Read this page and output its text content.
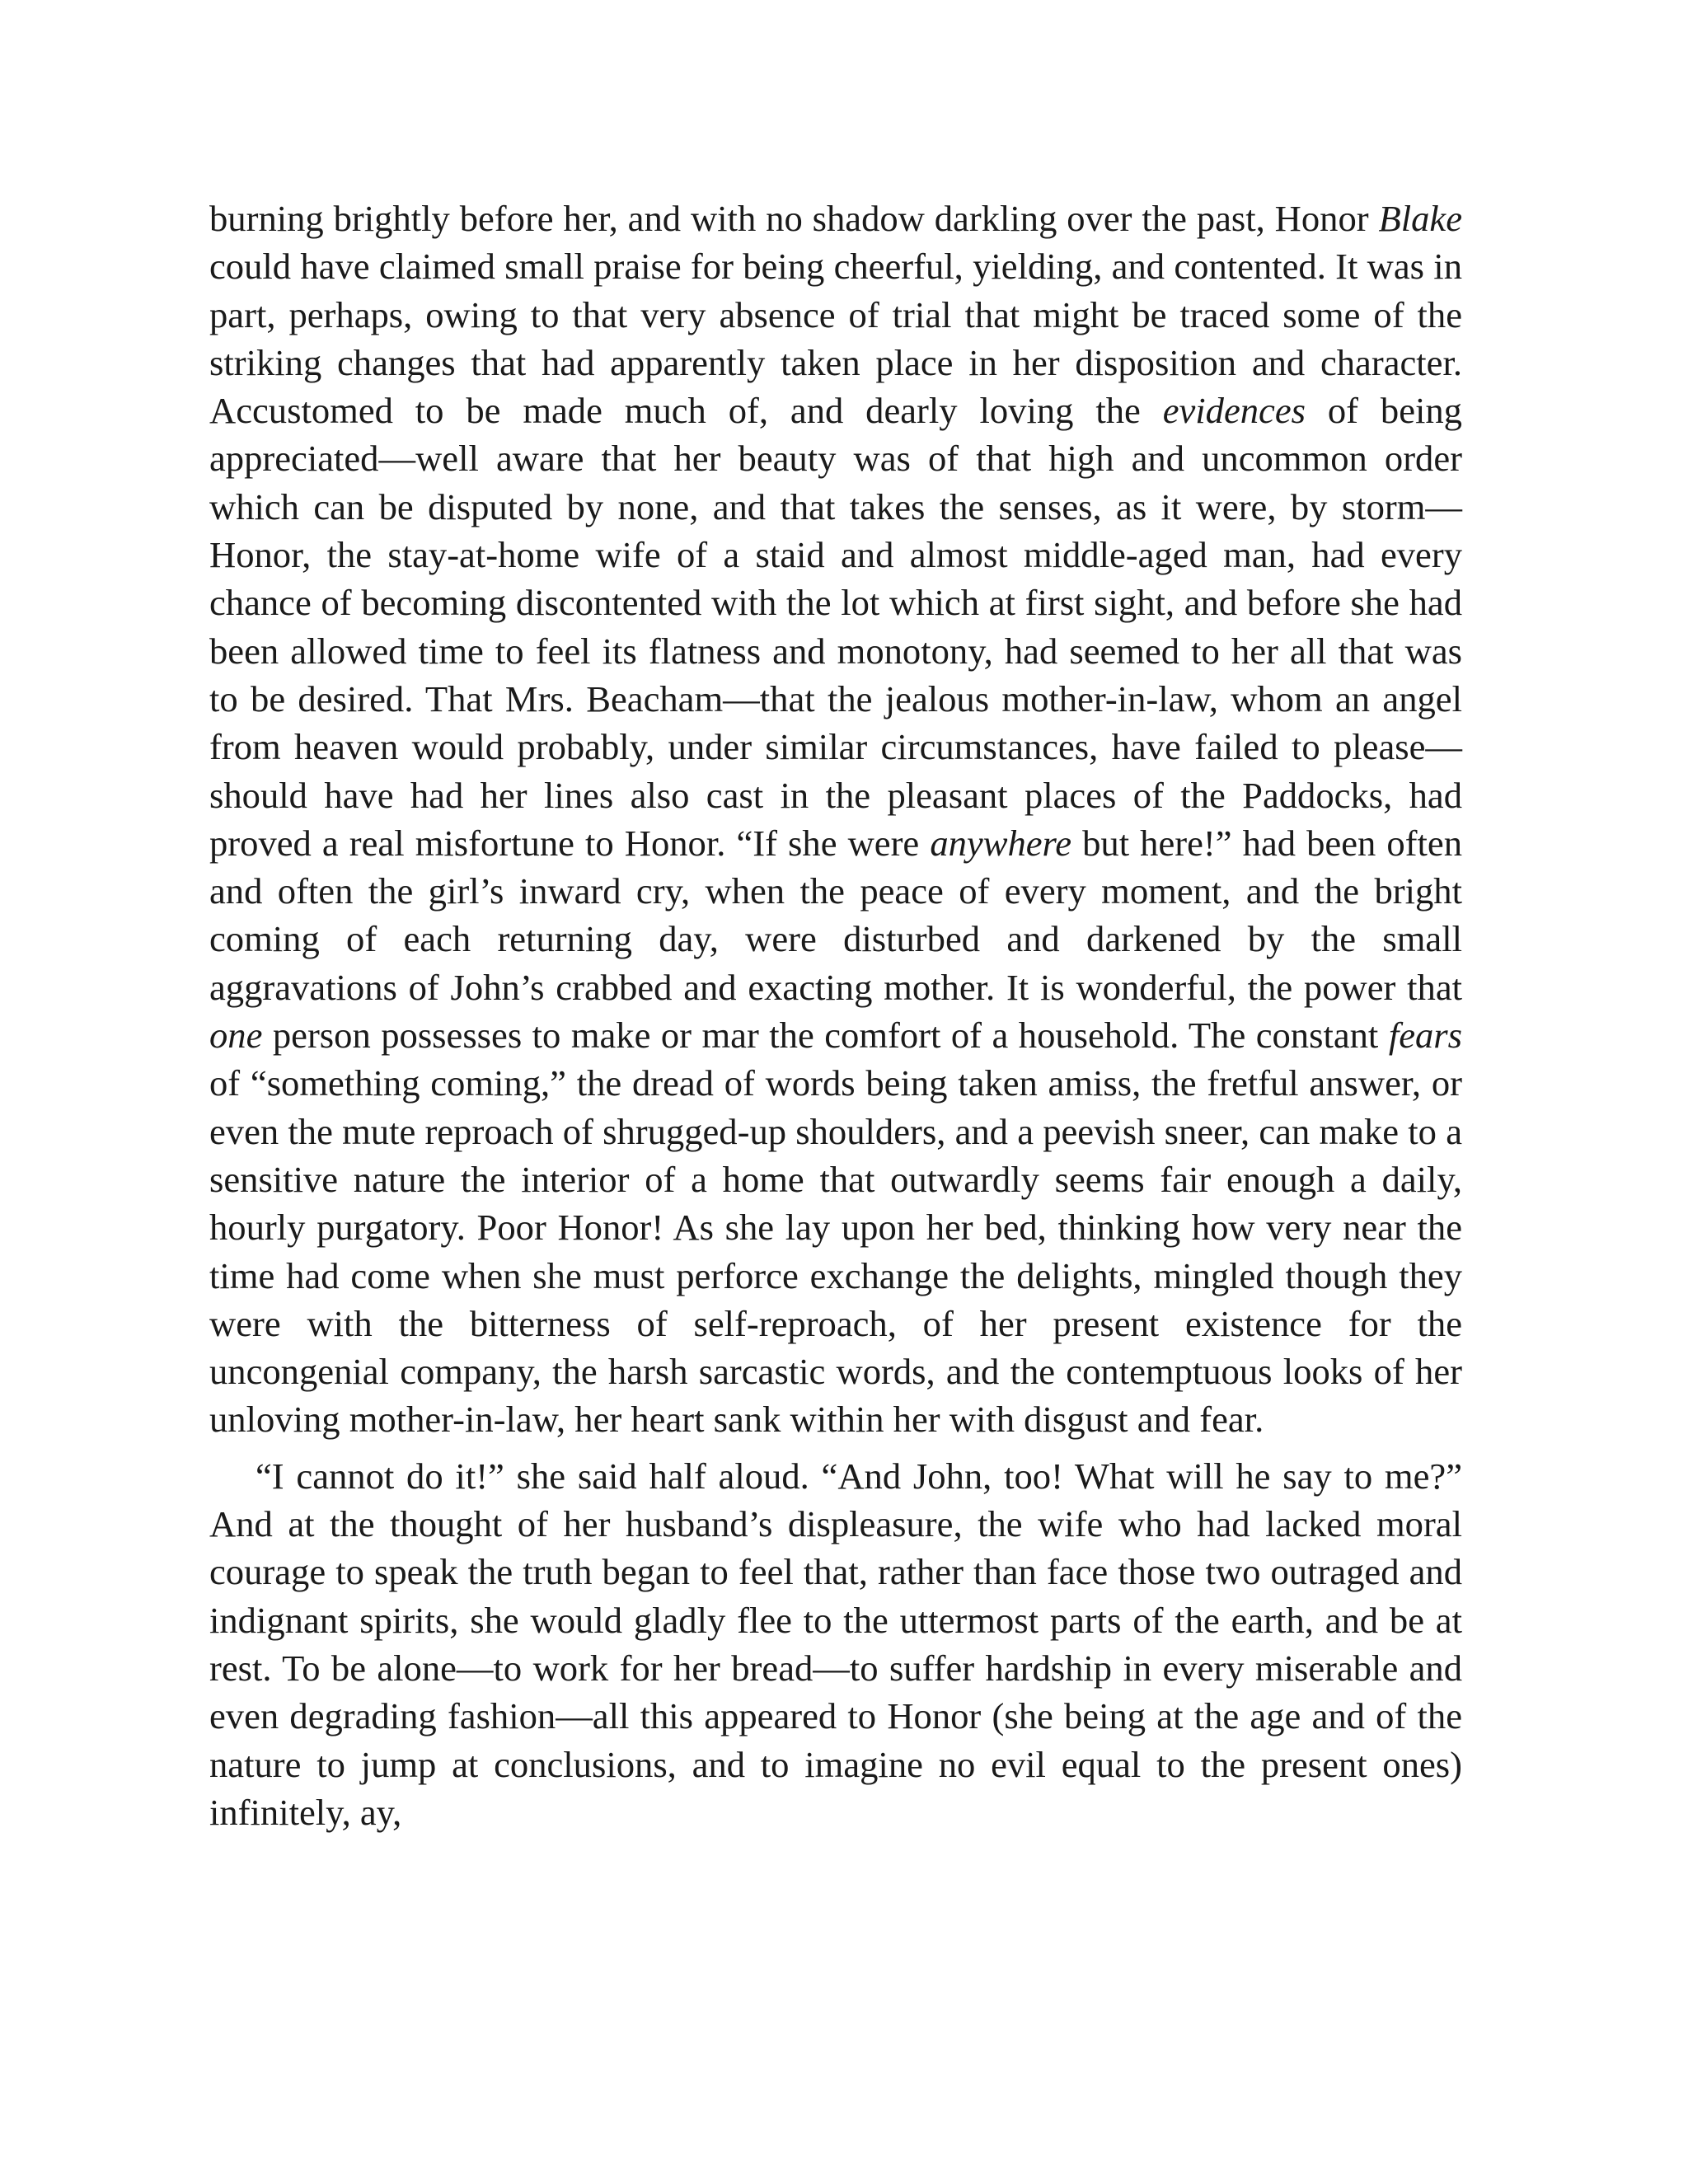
burning brightly before her, and with no shadow darkling over the past, Honor Blake could have claimed small praise for being cheerful, yielding, and contented. It was in part, perhaps, owing to that very absence of trial that might be traced some of the striking changes that had apparently taken place in her disposition and character. Accustomed to be made much of, and dearly loving the evidences of being appreciated—well aware that her beauty was of that high and uncommon order which can be disputed by none, and that takes the senses, as it were, by storm—Honor, the stay-at-home wife of a staid and almost middle-aged man, had every chance of becoming discontented with the lot which at first sight, and before she had been allowed time to feel its flatness and monotony, had seemed to her all that was to be desired. That Mrs. Beacham—that the jealous mother-in-law, whom an angel from heaven would probably, under similar circumstances, have failed to please—should have had her lines also cast in the pleasant places of the Paddocks, had proved a real misfortune to Honor. “If she were anywhere but here!” had been often and often the girl’s inward cry, when the peace of every moment, and the bright coming of each returning day, were disturbed and darkened by the small aggravations of John’s crabbed and exacting mother. It is wonderful, the power that one person possesses to make or mar the comfort of a household. The constant fears of “something coming,” the dread of words being taken amiss, the fretful answer, or even the mute reproach of shrugged-up shoulders, and a peevish sneer, can make to a sensitive nature the interior of a home that outwardly seems fair enough a daily, hourly purgatory. Poor Honor! As she lay upon her bed, thinking how very near the time had come when she must perforce exchange the delights, mingled though they were with the bitterness of self-reproach, of her present existence for the uncongenial company, the harsh sarcastic words, and the contemptuous looks of her unloving mother-in-law, her heart sank within her with disgust and fear.

“I cannot do it!” she said half aloud. “And John, too! What will he say to me?” And at the thought of her husband’s displeasure, the wife who had lacked moral courage to speak the truth began to feel that, rather than face those two outraged and indignant spirits, she would gladly flee to the uttermost parts of the earth, and be at rest. To be alone—to work for her bread—to suffer hardship in every miserable and even degrading fashion—all this appeared to Honor (she being at the age and of the nature to jump at conclusions, and to imagine no evil equal to the present ones) infinitely, ay,
